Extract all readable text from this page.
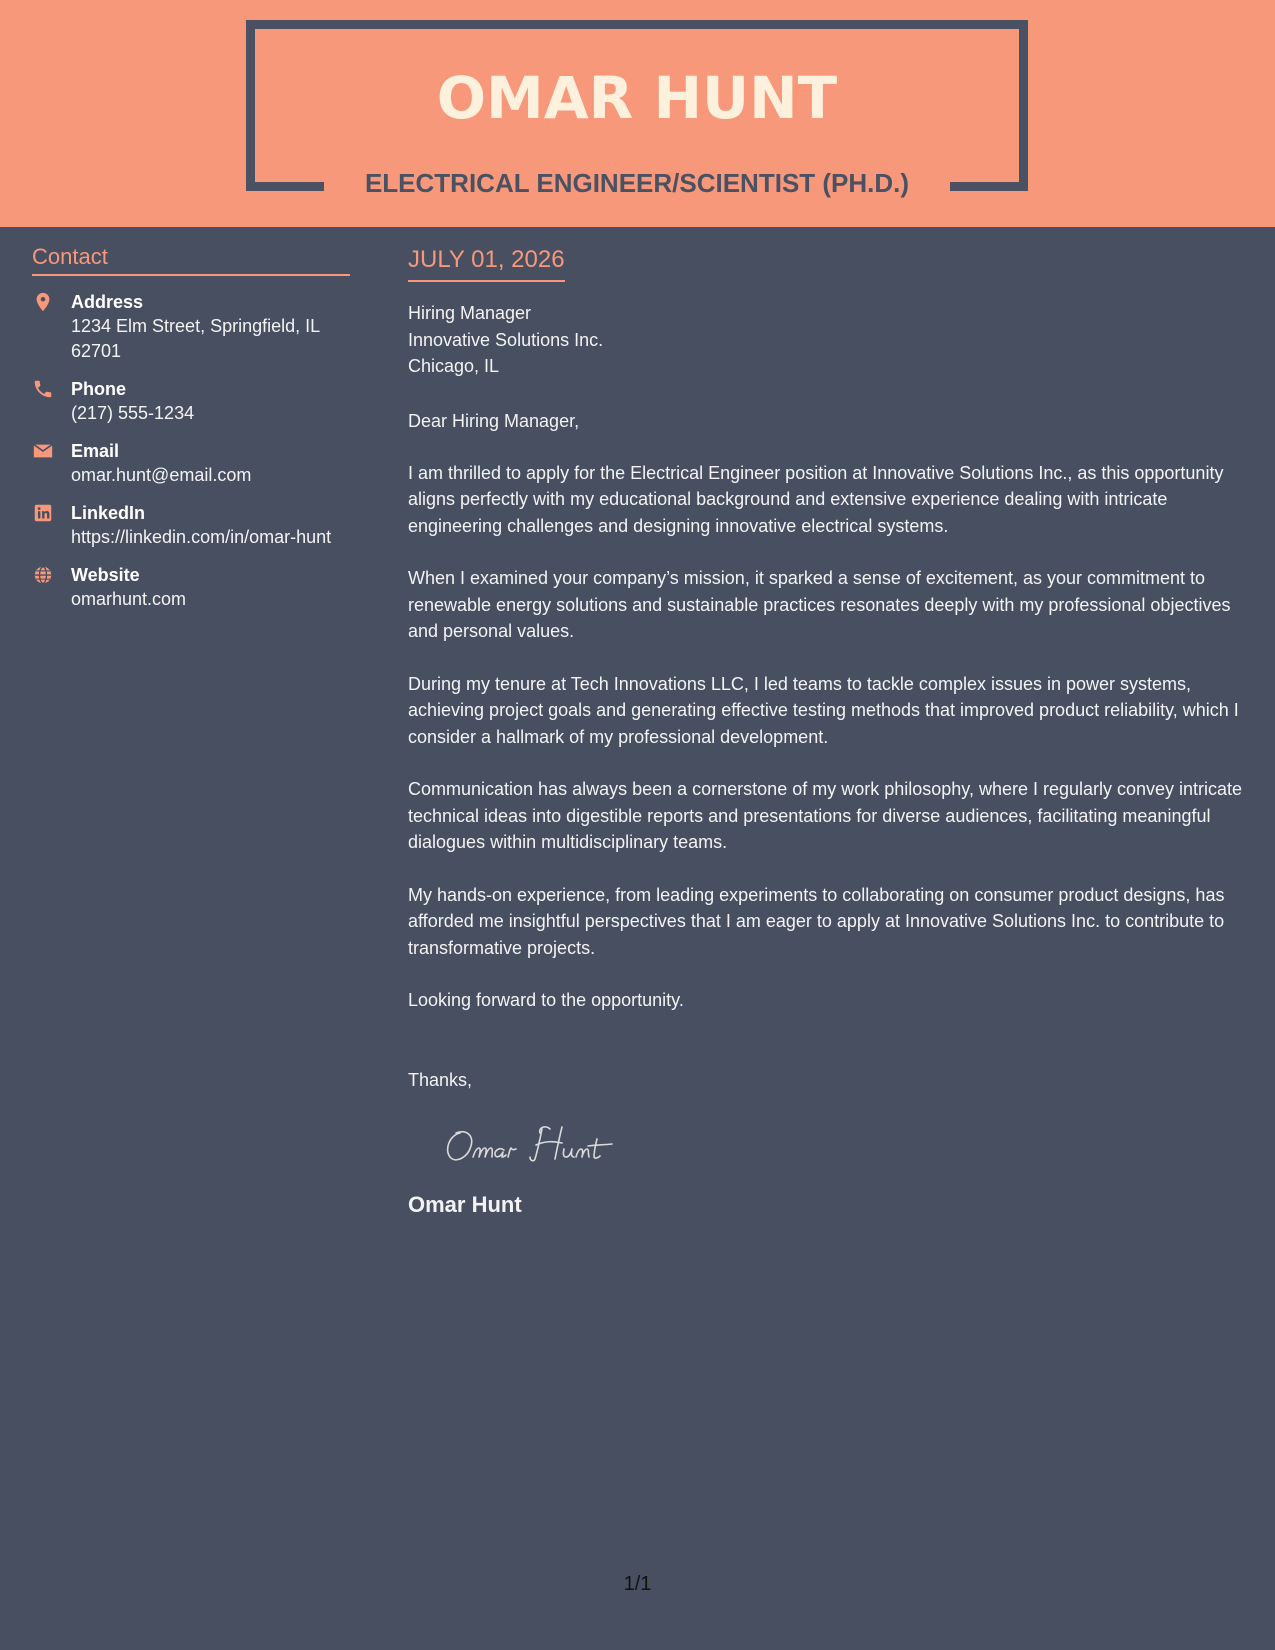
OMAR HUNT
ELECTRICAL ENGINEER/SCIENTIST (PH.D.)
Contact
Address
1234 Elm Street, Springfield, IL 62701
Phone
(217) 555-1234
Email
omar.hunt@email.com
LinkedIn
https://linkedin.com/in/omar-hunt
Website
omarhunt.com
JULY 01, 2026
Hiring Manager
Innovative Solutions Inc.
Chicago, IL
Dear Hiring Manager,
I am thrilled to apply for the Electrical Engineer position at Innovative Solutions Inc., as this opportunity aligns perfectly with my educational background and extensive experience dealing with intricate engineering challenges and designing innovative electrical systems.
When I examined your company’s mission, it sparked a sense of excitement, as your commitment to renewable energy solutions and sustainable practices resonates deeply with my professional objectives and personal values.
During my tenure at Tech Innovations LLC, I led teams to tackle complex issues in power systems, achieving project goals and generating effective testing methods that improved product reliability, which I consider a hallmark of my professional development.
Communication has always been a cornerstone of my work philosophy, where I regularly convey intricate technical ideas into digestible reports and presentations for diverse audiences, facilitating meaningful dialogues within multidisciplinary teams.
My hands-on experience, from leading experiments to collaborating on consumer product designs, has afforded me insightful perspectives that I am eager to apply at Innovative Solutions Inc. to contribute to transformative projects.
Looking forward to the opportunity.
Thanks,
Omar Hunt
Omar Hunt
1/1
